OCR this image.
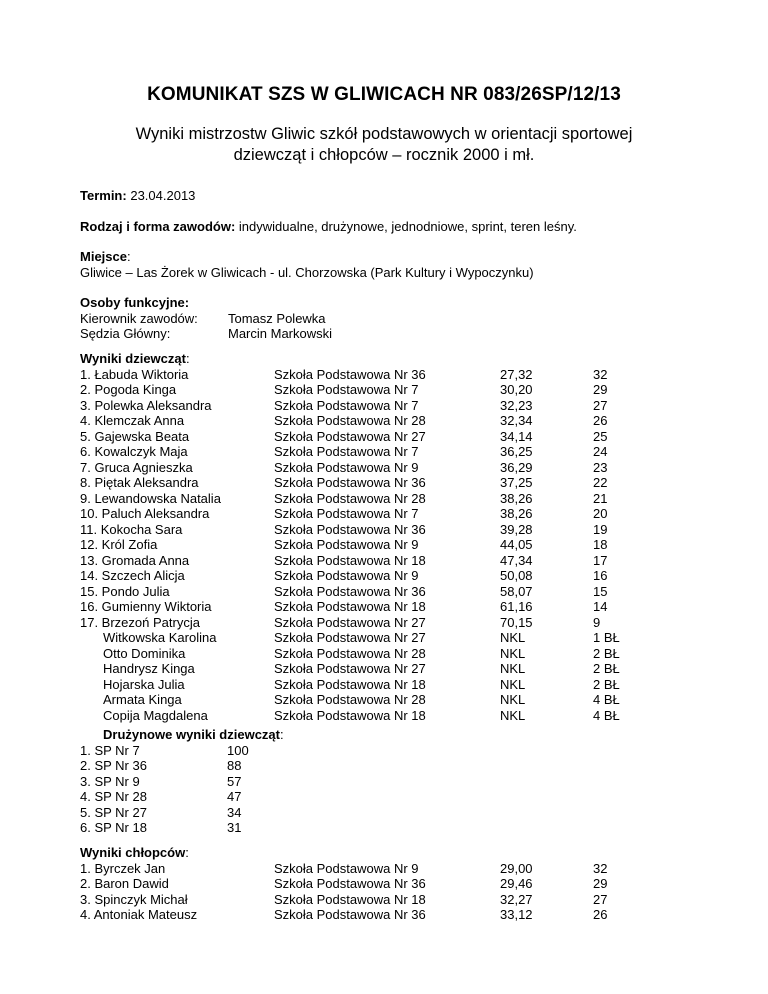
KOMUNIKAT SZS W GLIWICACH NR 083/26SP/12/13
Wyniki mistrzostw Gliwic szkół podstawowych w orientacji sportowej
dziewcząt i chłopców – rocznik 2000 i mł.
Termin: 23.04.2013
Rodzaj i forma zawodów: indywidualne, drużynowe, jednodniowe, sprint, teren leśny.
Miejsce:
Gliwice – Las Żorek w Gliwicach - ul. Chorzowska (Park Kultury i Wypoczynku)
Osoby funkcyjne:
Kierownik zawodów: Tomasz Polewka
Sędzia Główny:	Marcin Markowski
Wyniki dziewcząt:
1. Łabuda Wiktoria	Szkoła Podstawowa Nr 36	27,32	32
2. Pogoda Kinga	Szkoła Podstawowa Nr 7	30,20	29
3. Polewka Aleksandra	Szkoła Podstawowa Nr 7	32,23	27
4. Klemczak Anna	Szkoła Podstawowa Nr 28	32,34	26
5. Gajewska Beata	Szkoła Podstawowa Nr 27	34,14	25
6. Kowalczyk Maja	Szkoła Podstawowa Nr 7	36,25	24
7. Gruca Agnieszka	Szkoła Podstawowa Nr 9	36,29	23
8. Piętak Aleksandra	Szkoła Podstawowa Nr 36	37,25	22
9. Lewandowska Natalia	Szkoła Podstawowa Nr 28	38,26	21
10. Paluch Aleksandra	Szkoła Podstawowa Nr 7	38,26	20
11. Kokocha Sara	Szkoła Podstawowa Nr 36	39,28	19
12. Król Zofia	Szkoła Podstawowa Nr 9	44,05	18
13. Gromada Anna	Szkoła Podstawowa Nr 18	47,34	17
14. Szczech Alicja	Szkoła Podstawowa Nr 9	50,08	16
15. Pondo Julia	Szkoła Podstawowa Nr 36	58,07	15
16. Gumienny Wiktoria	Szkoła Podstawowa Nr 18	61,16	14
17. Brzezoń Patrycja	Szkoła Podstawowa Nr 27	70,15	9
Witkowska Karolina	Szkoła Podstawowa Nr 27	NKL	1 BŁ
Otto Dominika	Szkoła Podstawowa Nr 28	NKL	2 BŁ
Handrysz Kinga	Szkoła Podstawowa Nr 27	NKL	2 BŁ
Hojarska Julia	Szkoła Podstawowa Nr 18	NKL	2 BŁ
Armata Kinga	Szkoła Podstawowa Nr 28	NKL	4 BŁ
Copija Magdalena	Szkoła Podstawowa Nr 18	NKL	4 BŁ
Drużynowe wyniki dziewcząt:
1. SP Nr 7	100
2. SP Nr 36	88
3. SP Nr 9	57
4. SP Nr 28	47
5. SP Nr 27	34
6. SP Nr 18	31
Wyniki chłopców:
1. Byrczek Jan	Szkoła Podstawowa Nr 9	29,00	32
2. Baron Dawid	Szkoła Podstawowa Nr 36	29,46	29
3. Spinczyk Michał	Szkoła Podstawowa Nr 18	32,27	27
4. Antoniak Mateusz	Szkoła Podstawowa Nr 36	33,12	26
